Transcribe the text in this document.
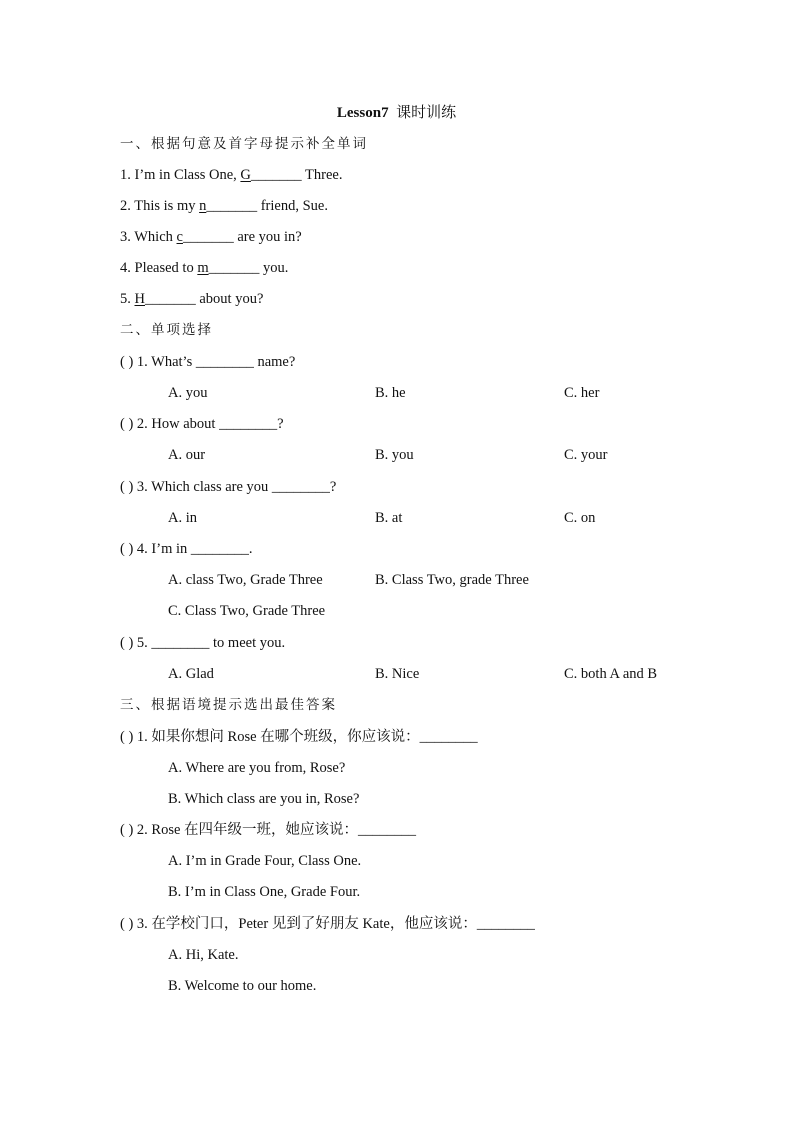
Lesson7 课时训练
一、根据句意及首字母提示补全单词
1. I’m in Class One, G_______ Three.
2. This is my n_______ friend, Sue.
3. Which c_______ are you in?
4. Pleased to m_______ you.
5. H_______ about you?
二、单项选择
( ) 1. What’s ________ name?
A. you	B. he	C. her
( ) 2. How about ________?
A. our	B. you	C. your
( ) 3. Which class are you ________?
A. in	B. at	C. on
( ) 4. I’m in ________.
A. class Two, Grade Three	B. Class Two, grade Three
C. Class Two, Grade Three
( ) 5. ________ to meet you.
A. Glad	B. Nice	C. both A and B
三、根据语境提示选出最佳答案
( ) 1. 如果你想问 Rose 在哪个班级，你应该说：________
A. Where are you from, Rose?
B. Which class are you in, Rose?
( ) 2. Rose 在四年级一班，她应该说：________
A. I’m in Grade Four, Class One.
B. I’m in Class One, Grade Four.
( ) 3. 在学校门口，Peter 见到了好朋友 Kate，他应该说：________
A. Hi, Kate.
B. Welcome to our home.
